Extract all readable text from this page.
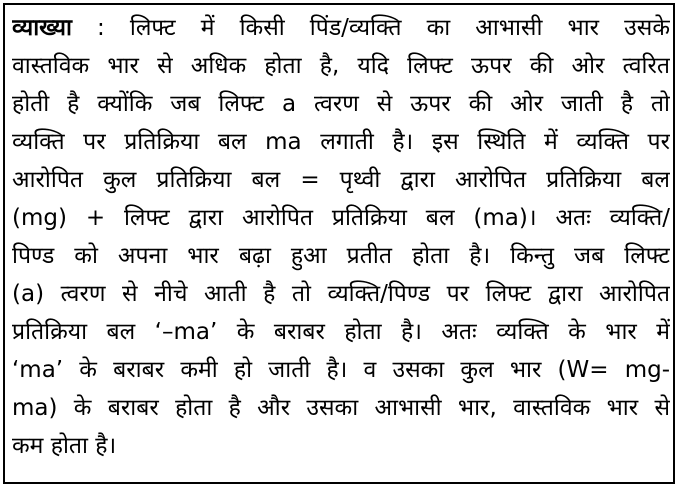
व्याख्या : लिफ्ट में किसी पिंड/व्यक्ति का आभासी भार उसके
वास्तविक भार से अधिक होता है, यदि लिफ्ट ऊपर की ओर त्वरित
होती है क्योंकि जब लिफ्ट a त्वरण से ऊपर की ओर जाती है तो
व्यक्ति पर प्रतिक्रिया बल ma लगाती है। इस स्थिति में व्यक्ति पर
आरोपित कुल प्रतिक्रिया बल = पृथ्वी द्वारा आरोपित प्रतिक्रिया बल
(mg) + लिफ्ट द्वारा आरोपित प्रतिक्रिया बल (ma)। अतः व्यक्ति/
पिण्ड को अपना भार बढ़ा हुआ प्रतीत होता है। किन्तु जब लिफ्ट
(a) त्वरण से नीचे आती है तो व्यक्ति/पिण्ड पर लिफ्ट द्वारा आरोपित
प्रतिक्रिया बल ‘–ma’ के बराबर होता है। अतः व्यक्ति के भार में
‘ma’ के बराबर कमी हो जाती है। व उसका कुल भार (W= mg-
ma) के बराबर होता है और उसका आभासी भार, वास्तविक भार से
कम होता है।
